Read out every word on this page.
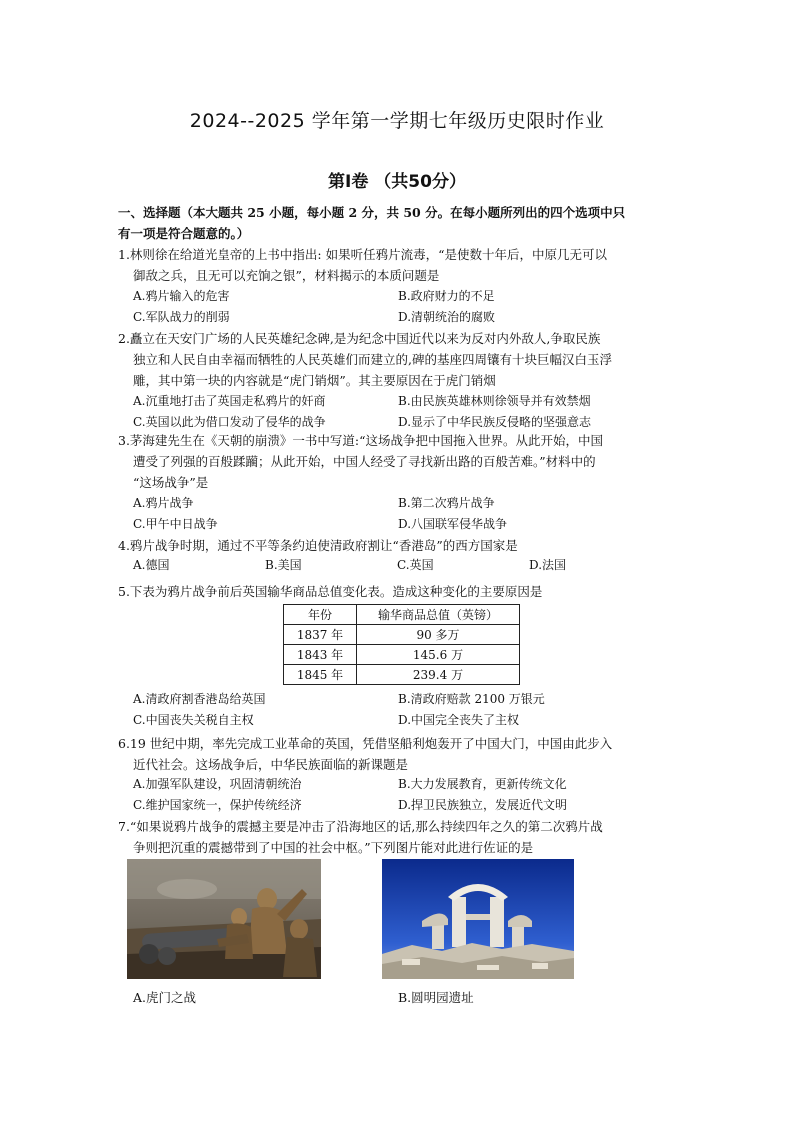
2024--2025 学年第一学期七年级历史限时作业
第Ⅰ卷 （共50分）
一、选择题（本大题共 25 小题，每小题 2 分，共 50 分。在每小题所列出的四个选项中只
有一项是符合题意的。）
1.林则徐在给道光皇帝的上书中指出: 如果听任鸦片流毒，“是使数十年后，中原几无可以
御敌之兵，且无可以充饷之银”，材料揭示的本质问题是
A.鸦片输入的危害	B.政府财力的不足
C.军队战力的削弱	D.清朝统治的腐败
2.矗立在天安门广场的人民英雄纪念碑,是为纪念中国近代以来为反对内外敌人,争取民族
独立和人民自由幸福而牺牲的人民英雄们而建立的,碑的基座四周镶有十块巨幅汉白玉浮
雕，其中第一块的内容就是“虎门销烟”。其主要原因在于虎门销烟
A.沉重地打击了英国走私鸦片的奸商	B.由民族英雄林则徐领导并有效禁烟
C.英国以此为借口发动了侵华的战争	D.显示了中华民族反侵略的坚强意志
3.茅海建先生在《天朝的崩溃》一书中写道:“这场战争把中国拖入世界。从此开始，中国
遭受了列强的百般蹂躏；从此开始，中国人经受了寻找新出路的百般苦难。”材料中的
“这场战争”是
A.鸦片战争	B.第二次鸦片战争
C.甲午中日战争	D.八国联军侵华战争
4.鸦片战争时期，通过不平等条约迫使清政府割让“香港岛”的西方国家是
A.德国	B.美国	C.英国	D.法国
5.下表为鸦片战争前后英国输华商品总值变化表。造成这种变化的主要原因是
年份	输华商品总值（英镑）
1837 年	90 多万
1843 年	145.6 万
1845 年	239.4 万
A.清政府割香港岛给英国	B.清政府赔款 2100 万银元
C.中国丧失关税自主权	D.中国完全丧失了主权
6.19 世纪中期，率先完成工业革命的英国，凭借坚船利炮轰开了中国大门，中国由此步入
近代社会。这场战争后，中华民族面临的新课题是
A.加强军队建设，巩固清朝统治	B.大力发展教育，更新传统文化
C.维护国家统一，保护传统经济	D.捍卫民族独立，发展近代文明
7.“如果说鸦片战争的震撼主要是冲击了沿海地区的话,那么持续四年之久的第二次鸦片战
争则把沉重的震撼带到了中国的社会中枢。”下列图片能对此进行佐证的是
A.虎门之战	B.圆明园遗址
